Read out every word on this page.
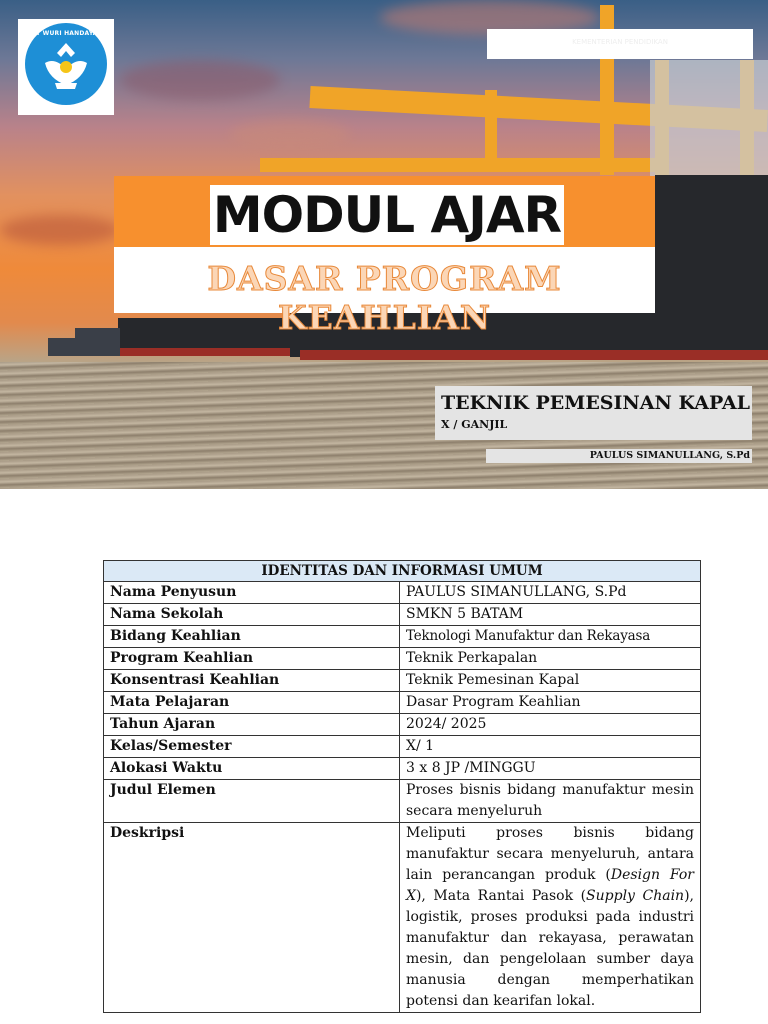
TUT WURI HANDAYANI
KEMENTERIAN PENDIDIKAN
MODUL AJAR
DASAR PROGRAM KEAHLIAN
TEKNIK PEMESINAN KAPAL
X / GANJIL
PAULUS SIMANULLANG, S.Pd
IDENTITAS DAN INFORMASI UMUM	
Nama Penyusun	PAULUS SIMANULLANG, S.Pd
Nama Sekolah	SMKN 5 BATAM
Bidang Keahlian	Teknologi Manufaktur dan Rekayasa
Program Keahlian	Teknik Perkapalan
Konsentrasi Keahlian	Teknik Pemesinan Kapal
Mata Pelajaran	Dasar Program Keahlian
Tahun Ajaran	2024/ 2025
Kelas/Semester	X/ 1
Alokasi Waktu	3 x 8 JP /MINGGU
Judul Elemen	Proses bisnis bidang manufaktur mesin secara menyeluruh
Deskripsi	Meliputi proses bisnis bidang manufaktur secara menyeluruh, antara lain perancangan produk (Design For X), Mata Rantai Pasok (Supply Chain), logistik, proses produksi pada industri manufaktur dan rekayasa, perawatan mesin, dan pengelolaan sumber daya manusia dengan memperhatikan potensi dan kearifan lokal.
